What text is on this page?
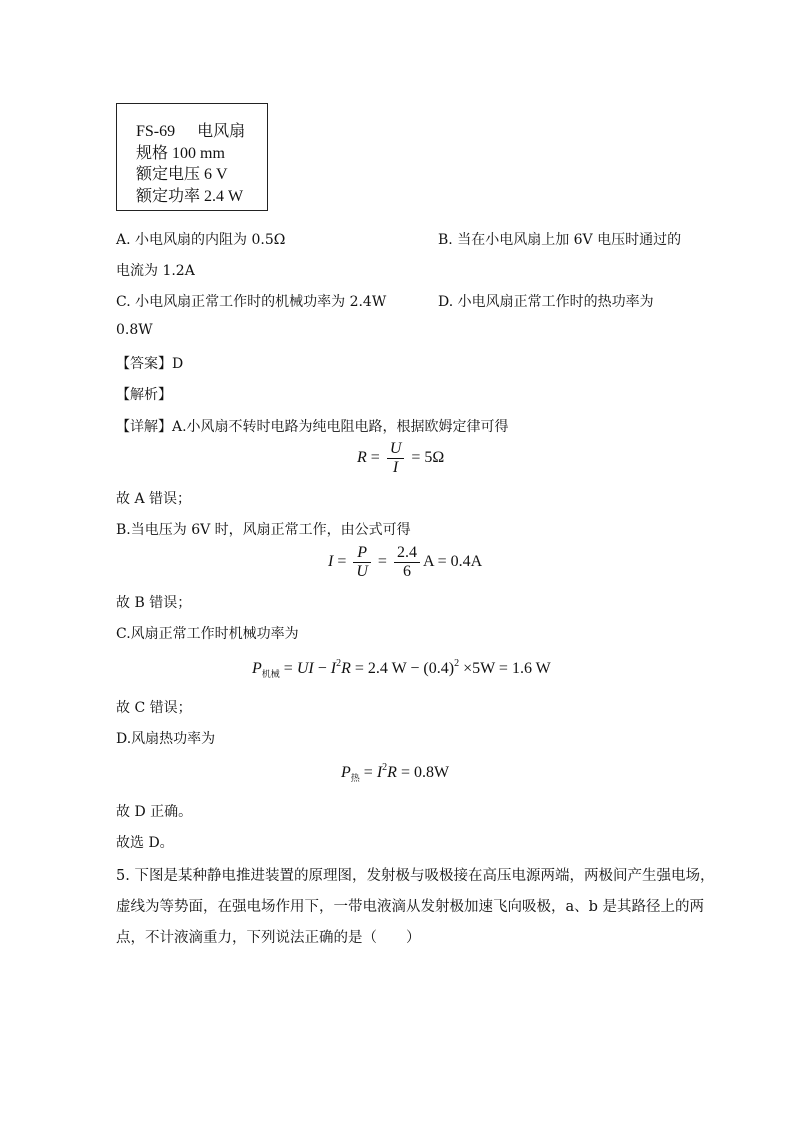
FS-69 电风扇
规格 100 mm
额定电压 6 V
额定功率 2.4 W
A. 小电风扇的内阻为 0.5Ω	B. 当在小电风扇上加 6V 电压时通过的
电流为 1.2A
C. 小电风扇正常工作时的机械功率为 2.4W	D. 小电风扇正常工作时的热功率为
0.8W
【答案】D
【解析】
【详解】A.小风扇不转时电路为纯电阻电路，根据欧姆定律可得
$R = \frac{U}{I} = 5\Omega$
故 A 错误；
B.当电压为 6V 时，风扇正常工作，由公式可得
$I = \frac{P}{U} = \frac{2.4}{6}$ A = 0.4A
故 B 错误；
C.风扇正常工作时机械功率为
$P_{机械}$ = UI − $I^2R = 2.4$ $W - (0.4)^2 \times 5W = 1.6$ W
故 C 错误；
D.风扇热功率为
$P_热 = I^2R = 0.8W$
故 D 正确。
故选 D。
5. 下图是某种静电推进装置的原理图，发射极与吸极接在高压电源两端，两极间产生强电场，
虚线为等势面，在强电场作用下，一带电液滴从发射极加速飞向吸极，a、b 是其路径上的两
点，不计液滴重力，下列说法正确的是（　　）
